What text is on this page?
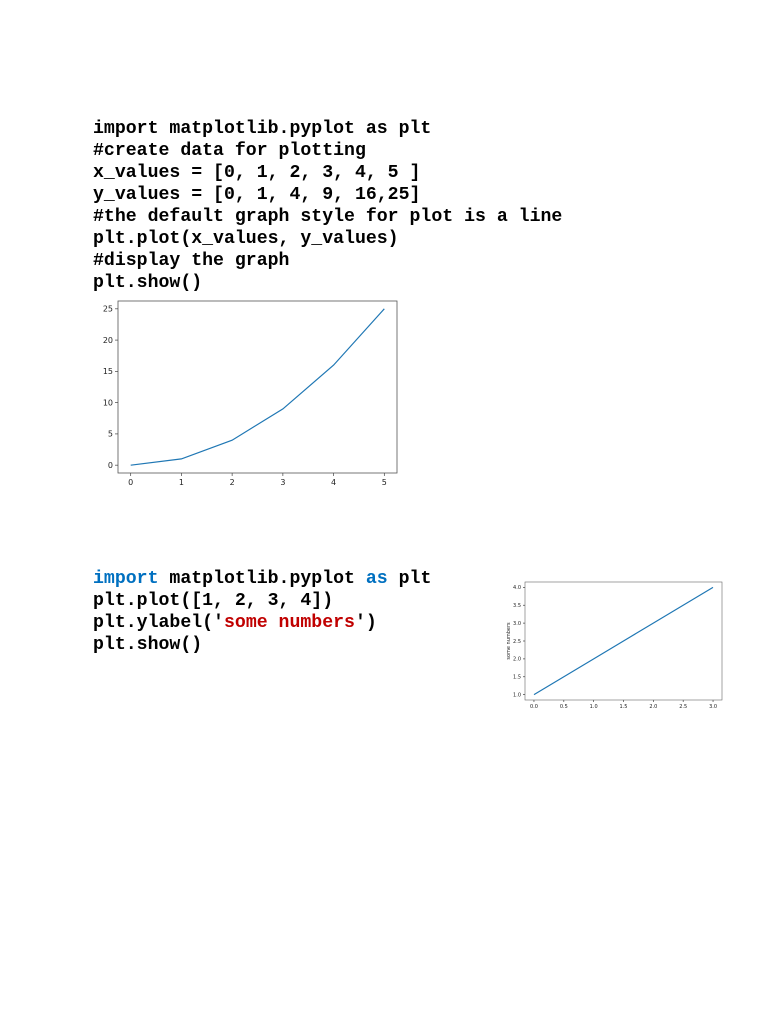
import matplotlib.pyplot as plt
#create data for plotting
x_values = [0, 1, 2, 3, 4, 5 ]
y_values = [0, 1, 4, 9, 16,25]
#the default graph style for plot is a line
plt.plot(x_values, y_values)
#display the graph
plt.show()
0
5
10
15
20
25
0	1	2	3	4	5
import matplotlib.pyplot as plt
plt.plot([1, 2, 3, 4])
plt.ylabel('some numbers')
plt.show()	some numbers
1.0
1.5
2.0
2.5
3.0
3.5
4.0
0.0	0.5	1.0	1.5	2.0	2.5	3.0
